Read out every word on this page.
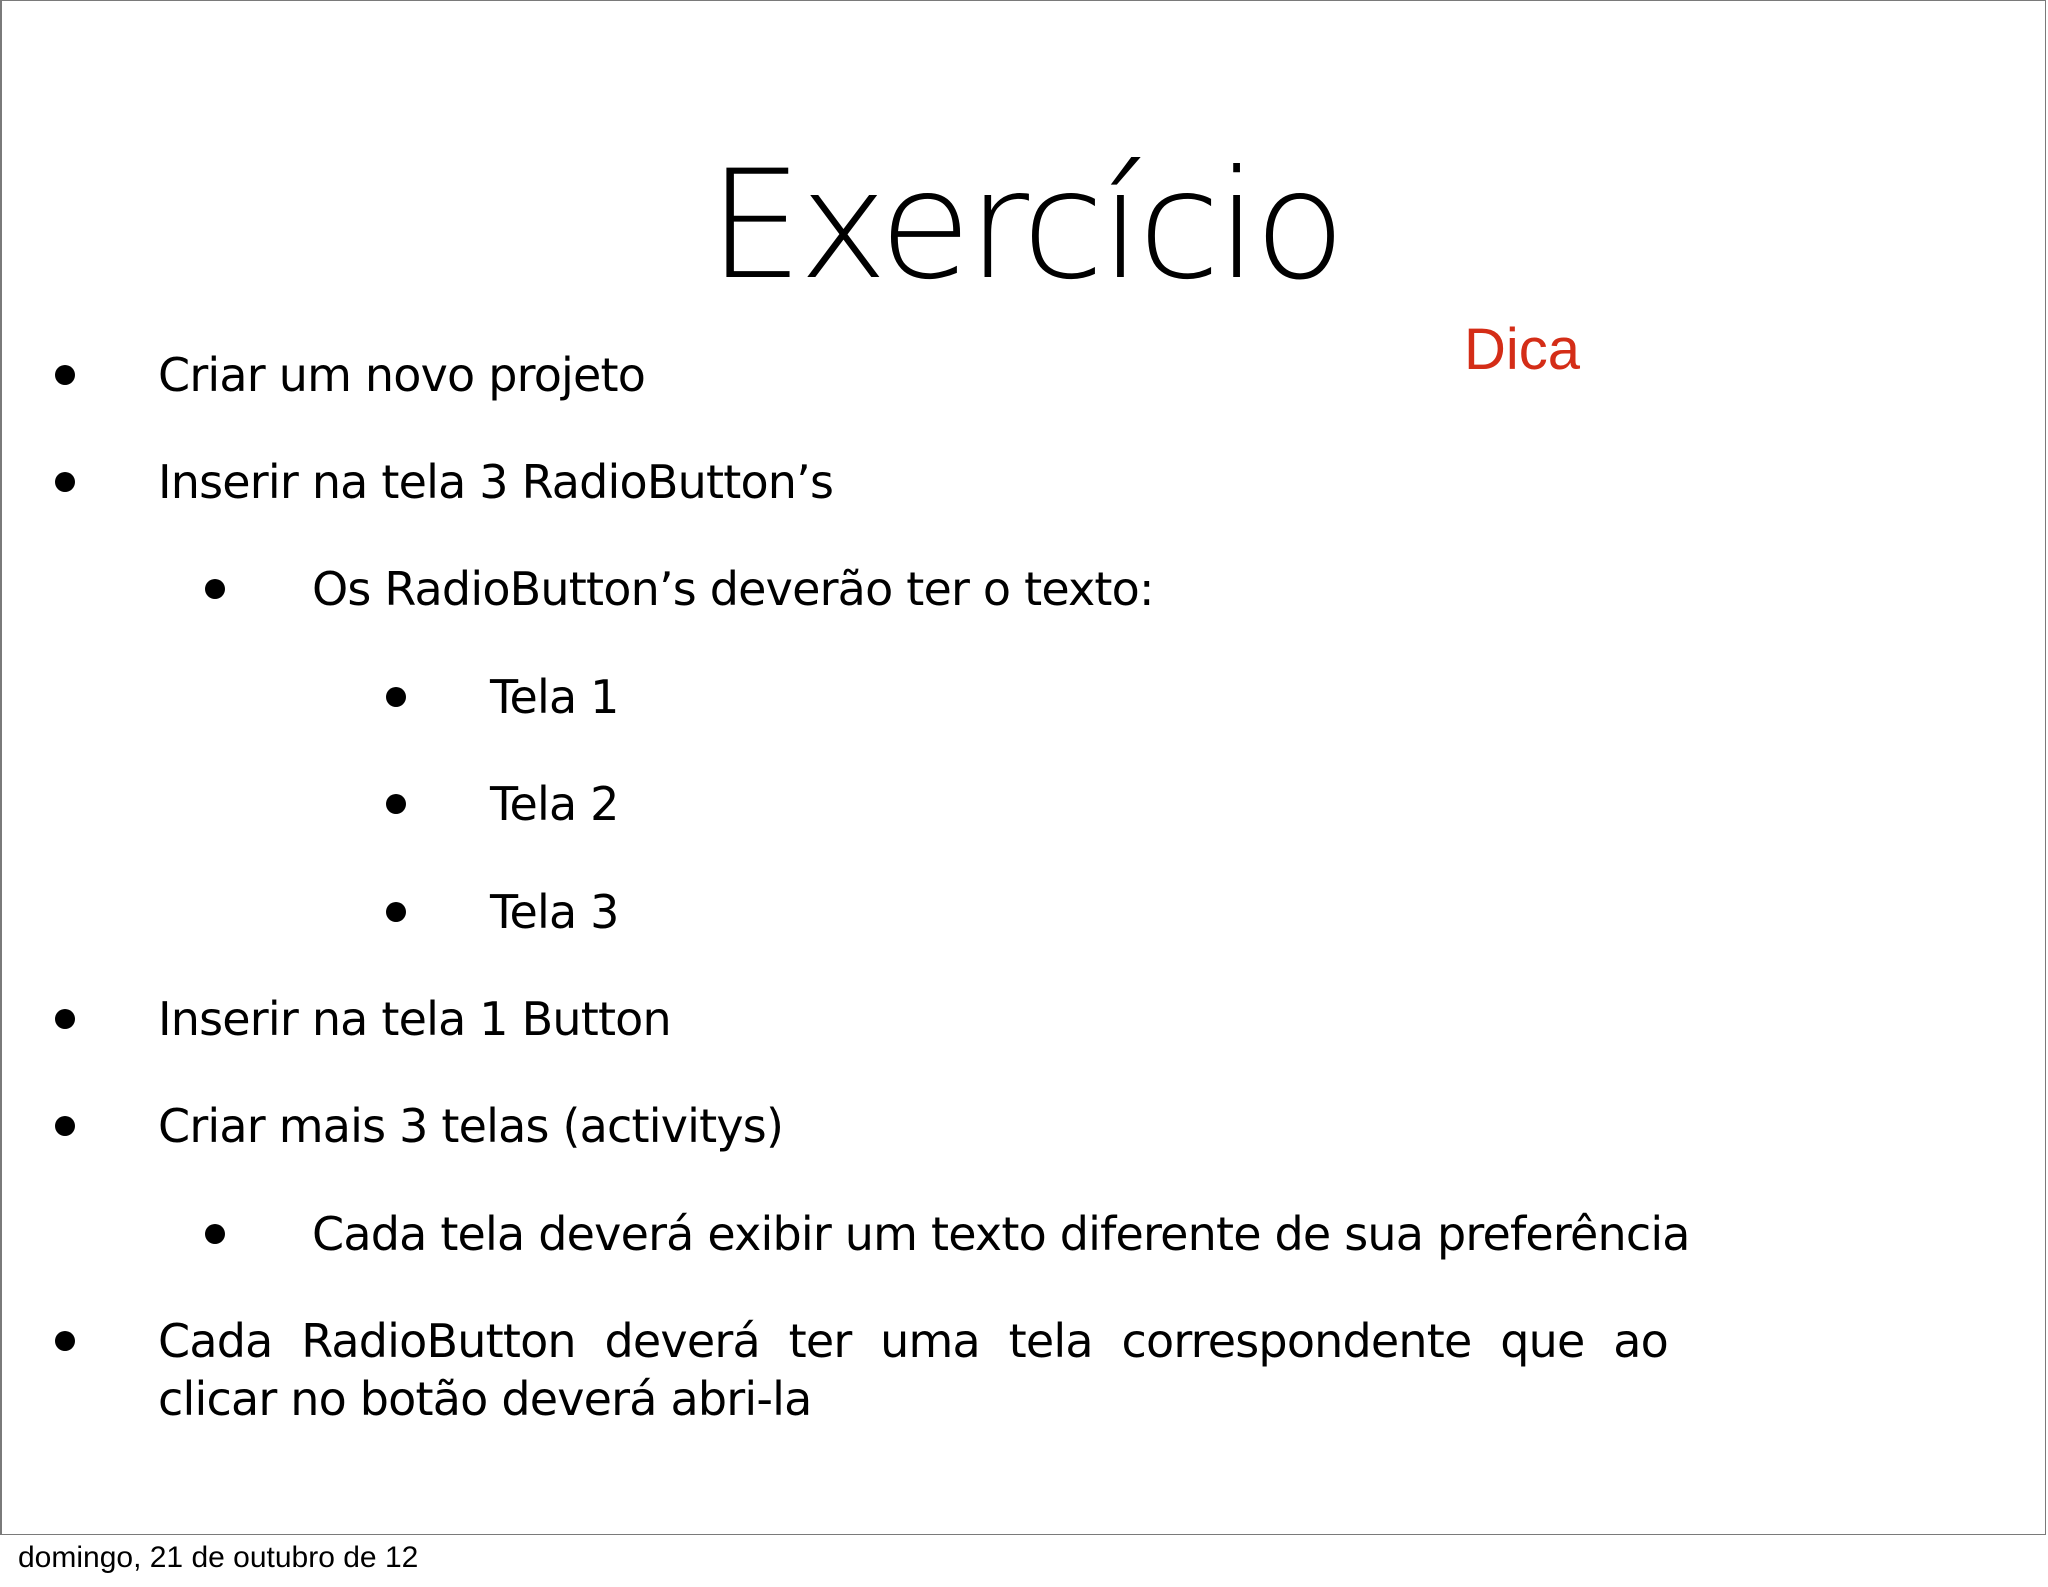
Exercício
Dica
Criar um novo projeto
Inserir na tela 3 RadioButton’s
Os RadioButton’s deverão ter o texto:
Tela 1
Tela 2
Tela 3
Inserir na tela 1 Button
Criar mais 3 telas (activitys)
Cada tela deverá exibir um texto diferente de sua preferência
Cada RadioButton deverá ter uma tela correspondente que ao clicar no botão deverá abri-la
domingo, 21 de outubro de 12
